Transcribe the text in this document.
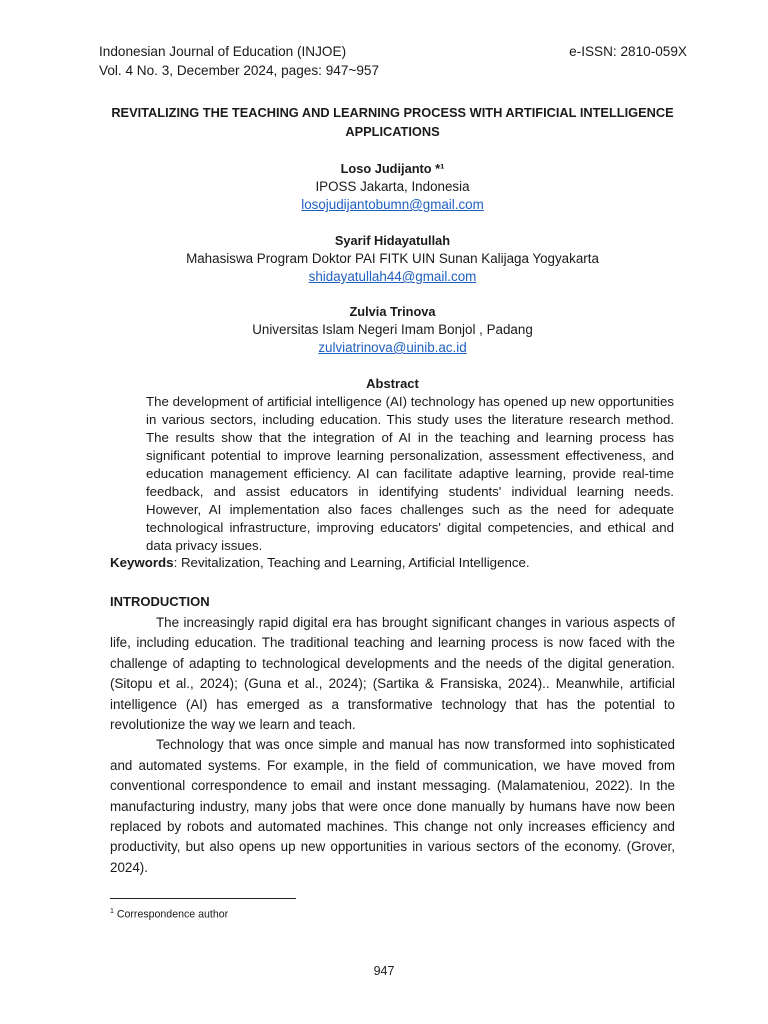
Indonesian Journal of Education (INJOE)
Vol. 4 No. 3, December 2024, pages: 947~957
e-ISSN: 2810-059X
REVITALIZING THE TEACHING AND LEARNING PROCESS WITH ARTIFICIAL INTELLIGENCE APPLICATIONS
Loso Judijanto *¹
IPOSS Jakarta, Indonesia
losojudijantobumn@gmail.com
Syarif Hidayatullah
Mahasiswa Program Doktor PAI FITK UIN Sunan Kalijaga Yogyakarta
shidayatullah44@gmail.com
Zulvia Trinova
Universitas Islam Negeri Imam Bonjol , Padang
zulviatrinova@uinib.ac.id
Abstract
The development of artificial intelligence (AI) technology has opened up new opportunities in various sectors, including education. This study uses the literature research method. The results show that the integration of AI in the teaching and learning process has significant potential to improve learning personalization, assessment effectiveness, and education management efficiency. AI can facilitate adaptive learning, provide real-time feedback, and assist educators in identifying students' individual learning needs. However, AI implementation also faces challenges such as the need for adequate technological infrastructure, improving educators' digital competencies, and ethical and data privacy issues.
Keywords: Revitalization, Teaching and Learning, Artificial Intelligence.
INTRODUCTION

The increasingly rapid digital era has brought significant changes in various aspects of life, including education. The traditional teaching and learning process is now faced with the challenge of adapting to technological developments and the needs of the digital generation. (Sitopu et al., 2024); (Guna et al., 2024); (Sartika & Fransiska, 2024).. Meanwhile, artificial intelligence (AI) has emerged as a transformative technology that has the potential to revolutionize the way we learn and teach.

Technology that was once simple and manual has now transformed into sophisticated and automated systems. For example, in the field of communication, we have moved from conventional correspondence to email and instant messaging. (Malamateniou, 2022). In the manufacturing industry, many jobs that were once done manually by humans have now been replaced by robots and automated machines. This change not only increases efficiency and productivity, but also opens up new opportunities in various sectors of the economy. (Grover, 2024).

$^1$ Correspondence author
947
